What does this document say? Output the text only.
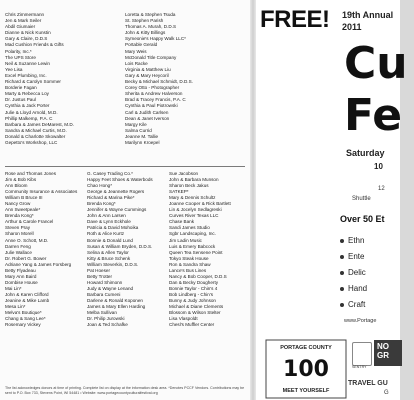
Chris Zimmermann
Jen & Mark Seiler
Abdil Giumaier
Dianne & Nick Kunstin
Gary & Claire, D.D.S
Mad Cushion Friends & Gifts
Polarity, Inc.*
The UPS Store
Neil & Suzanne Lewin
Yee Lisa
Excel Plumbing, Inc.
Richard & Carolyn Sommer
Borderie Fagan
Marty & Rebecca Loy
Dr. Justus Paul
Cynthia & Jack Porter
Julie & Lloyd Arnold, M.D.
Phillip Malkemp, P.A. C
Barbara & James DeMarest, M.D.
Sandra & Michael Curtis, M.D.
Donald & Charlotte Skowalter
Gepetto's Workshop, LLC
Loretta & Stephen Tsuda
St. Stephen Parish
Thomas A. Murah, D.D.S
John & Kitty Billings
Symeonie's Happy Walk LLC*
Portable Gerald
Mary Weis
McDonald Title Company
Lois Racke
Virginia & Matthew Liu
Gary & Mary Heycoril
Becky & Michael Schmidt, D.D.S.
Corey Otto - Photographer
Sherita & Andrew Halverson
Brad & Tracey Francis, P.A. C
Cynthia & Paul Piotrowski
Carl & Judith Carlsen
Dean & Janet Iverson
Margy Kile
Salma Currid
Jeanne M. Tallie
Marilynn Kroepel
Rose and Thomas Jones
Jim & Bob Kibs
Ann Bloom
Community Insurance & Associates
William B Bruce III
Nancy Grow
Ann Sweetpeale*
Brenda Kong*
Arthur & Carole Francel
Steven Pray
Sharon Morell
Anne O. Schott, M.D.
Darren Feng
Julie Wallace
Dr. Robert G. Bower
Adriane Yang & James Forsberg
Betty Flyadeau
Mary Ann Baird
Dombise House
Mai Lin*
John & Karen Clifford
Jeanine & Mike Lamb
Mesa Lin*
Melva's Boutique*
Chang & Sang Lee*
Rosemary Vickey
G. Casey Trading Co.*
Happy Feet Shoes & Waterbods
Chao Hong*
George & Jeannette Rogers
Richard & Marina Pike*
Brenda Kong*
Jennifer & Wayne Cummings
John & Ann Larsen
Dave & Lynn Eckhole
Patricia & David Mohoika
Roth & Alice Kurtz
Bonnie & Donald Lund
Susan & William Bryden, D.D.S.
Selina & Allen Taylor
Kitty & Bruce Schenk
William Steverkin, D.D.S.
Pat Hoeser
Betty Trotter
Howard Shimonn
Judy & Wayne Lenand
Barbara Cumeni
Darlene & Ronald Koponen
James & Mary Ellen Harding
Melba Sullivan
Dr. Philip Jurowski
Joan & Ted Schafke
Sue Jacobson
John & Barbara Munson
Sharon Beck Jakus
SATKEP*
Mary & Dennis Schultz
Joanne Cooper & Rick Bartlett
Lin & Jocelyn Sedlagreski
Curves River Texas LLC
Chase Bank
Sandi James Studio
Sgbr Landscaping, Inc.
Jim Ladin Music
Luis & Emery Babcock
Queen Tea Sensene Point
Tokyo Steak House
Ron & Sandra Shaw
Lance's Bus Lines
Nancy & Bob Cooper, D.D.S
Dan & Becky Dougherty
Bonnie Taylor - Chin's 4
Bob Lindberg - Chin's
Bunny & Judy Johnson
Michael & Diane Clements
Blossom & Wilson Stelter
Lisa Vlaspoldt
Chesl's Muffler Center
The list acknowledges donors at time of printing. Complete list on display at the information desk area. *Denotes PCCF Vendors. Contributions may be sent to P.O. Box 733, Stevens Point, WI 54481 • Website: www.portagecountyculturalfestival.org
FREE! 19th Annual
2011
Cu
Fe
Saturday
10
12
Shuttle
Over 50 Et
Ethn
Ente
Delic
Hand
Craft
www.Portage
PORTAGE COUNTY
100
MEET YOURSELF
SENTRY
NO GR
TRAVEL GU
G
